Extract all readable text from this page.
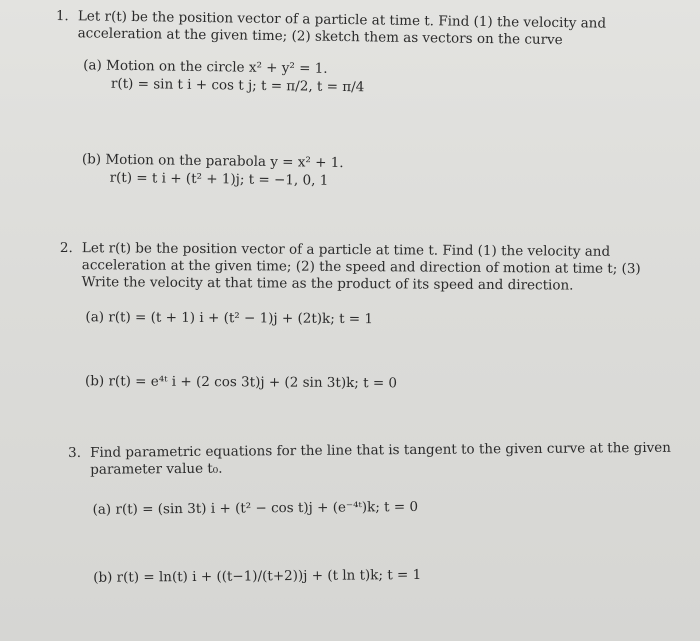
1. Let r(t) be the position vector of a particle at time t. Find (1) the velocity and acceleration at the given time; (2) sketch them as vectors on the curve
(a) Motion on the circle x² + y² = 1.
r(t) = sin t i + cos t j; t = π/2, t = π/4
(b) Motion on the parabola y = x² + 1.
r(t) = t i + (t² + 1)j; t = −1, 0, 1
2. Let r(t) be the position vector of a particle at time t. Find (1) the velocity and acceleration at the given time; (2) the speed and direction of motion at time t; (3) Write the velocity at that time as the product of its speed and direction.
(a) r(t) = (t + 1) i + (t² − 1)j + (2t)k; t = 1
(b) r(t) = e⁴ᵗ i + (2 cos 3t)j + (2 sin 3t)k; t = 0
3. Find parametric equations for the line that is tangent to the given curve at the given parameter value t₀.
(a) r(t) = (sin 3t) i + (t² − cos t)j + (e⁻⁴ᵗ)k; t = 0
(b) r(t) = ln(t) i + ((t−1)/(t+2))j + (t ln t)k; t = 1
